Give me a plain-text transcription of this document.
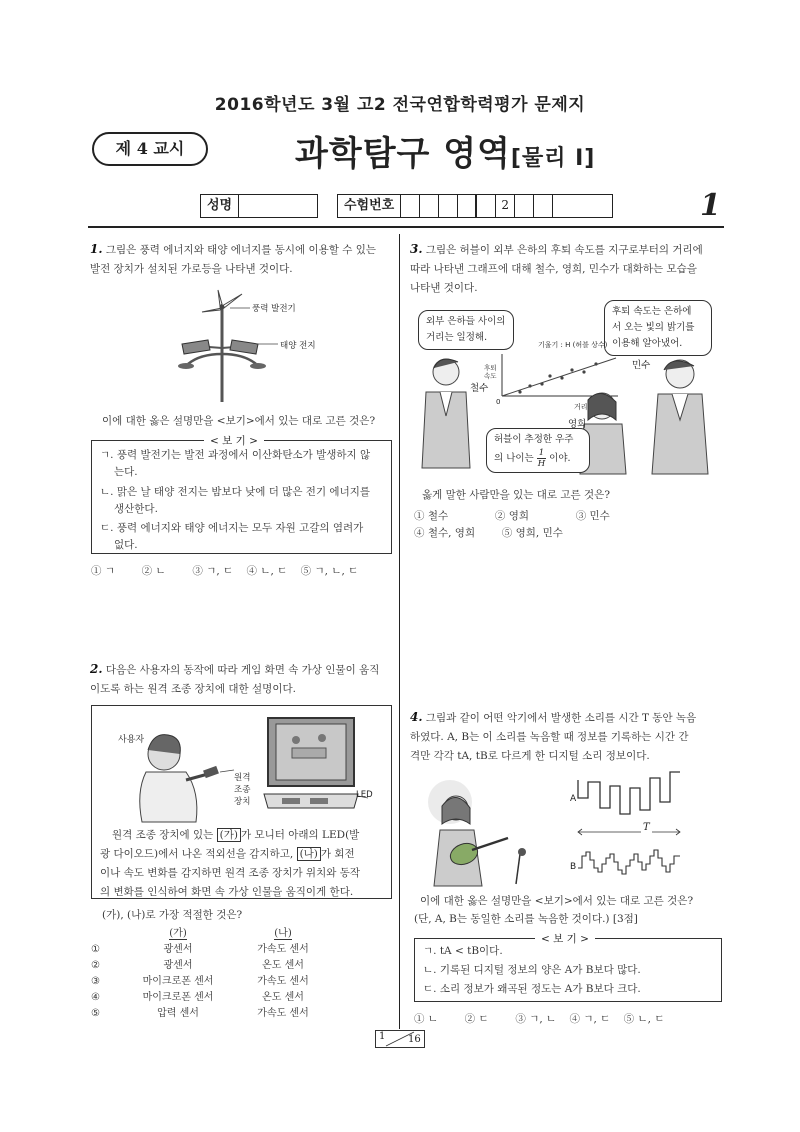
2016학년도 3월 고2 전국연합학력평가 문제지
제 4 교시	과학탐구 영역[물리 Ⅰ]
성명	수험번호	2	1
1. 그림은 풍력 에너지와 태양 에너지를 동시에 이용할 수 있는
발전 장치가 설치된 가로등을 나타낸 것이다.
풍력 발전기
태양 전지
이에 대한 옳은 설명만을 <보기>에서 있는 대로 고른 것은?
< 보 기 >
ㄱ. 풍력 발전기는 발전 과정에서 이산화탄소가 발생하지 않
는다.
ㄴ. 맑은 날 태양 전지는 밤보다 낮에 더 많은 전기 에너지를
생산한다.
ㄷ. 풍력 에너지와 태양 에너지는 모두 자원 고갈의 염려가
없다.
① ㄱ        ② ㄴ        ③ ㄱ, ㄷ    ④ ㄴ, ㄷ    ⑤ ㄱ, ㄴ, ㄷ
2. 다음은 사용자의 동작에 따라 게임 화면 속 가상 인물이 움직
이도록 하는 원격 조종 장치에 대한 설명이다.
사용자
원격
조종
장치
LED
원격 조종 장치에 있는 (가) 가 모니터 아래의 LED(발
광 다이오드)에서 나온 적외선을 감지하고, (나) 가 회전
이나 속도 변화를 감지하면 원격 조종 장치가 위치와 동작
의 변화를 인식하여 화면 속 가상 인물을 움직이게 한다.
(가), (나)로 가장 적절한 것은?
	(가)	(나)
①	광센서	가속도 센서
②	광센서	온도 센서
③	마이크로폰 센서	가속도 센서
④	마이크로폰 센서	온도 센서
⑤	압력 센서	가속도 센서
3. 그림은 허블이 외부 은하의 후퇴 속도를 지구로부터의 거리에
따라 나타낸 그래프에 대해 철수, 영희, 민수가 대화하는 모습을
나타낸 것이다.
외부 은하들 사이의
거리는 일정해.
후퇴 속도는 은하에
서 오는 빛의 밝기를
이용해 알아냈어.
허블이 추정한 우주
의 나이는 $\frac{1}{H}$ 이야.
기울기 : H (허블 상수)
후퇴
속도
거리
0
철수
영희
민수
옳게 말한 사람만을 있는 대로 고른 것은?
① 철수              ② 영희              ③ 민수
④ 철수, 영희        ⑤ 영희, 민수
4. 그림과 같이 어떤 악기에서 발생한 소리를 시간 T 동안 녹음
하였다. A, B는 이 소리를 녹음할 때 정보를 기록하는 시간 간
격만 각각 tA, tB로 다르게 한 디지털 소리 정보이다.
A
B
T
이에 대한 옳은 설명만을 <보기>에서 있는 대로 고른 것은?
(단, A, B는 동일한 소리를 녹음한 것이다.) [3점]
< 보 기 >
ㄱ. tA < tB이다.
ㄴ. 기록된 디지털 정보의 양은 A가 B보다 많다.
ㄷ. 소리 정보가 왜곡된 정도는 A가 B보다 크다.
① ㄴ        ② ㄷ        ③ ㄱ, ㄴ    ④ ㄱ, ㄷ    ⑤ ㄴ, ㄷ
1 16
